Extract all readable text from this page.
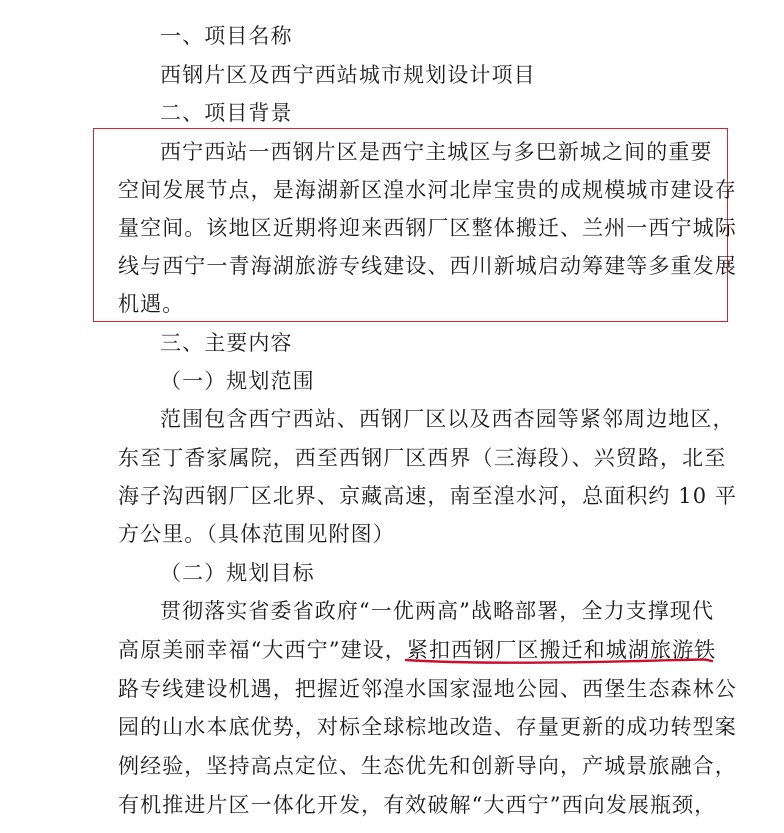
一、项目名称
西钢片区及西宁西站城市规划设计项目
二、项目背景
西宁西站一西钢片区是西宁主城区与多巴新城之间的重要
空间发展节点，是海湖新区湟水河北岸宝贵的成规模城市建设存
量空间。该地区近期将迎来西钢厂区整体搬迁、兰州一西宁城际
线与西宁一青海湖旅游专线建设、西川新城启动筹建等多重发展
机遇。
三、主要内容
（一）规划范围
范围包含西宁西站、西钢厂区以及西杏园等紧邻周边地区，
东至丁香家属院，西至西钢厂区西界（三海段）、兴贸路，北至
海子沟西钢厂区北界、京藏高速，南至湟水河，总面积约 10 平
方公里。（具体范围见附图）
（二）规划目标
贯彻落实省委省政府“一优两高”战略部署，全力支撑现代
高原美丽幸福“大西宁”建设，紧扣西钢厂区搬迁和城湖旅游铁
路专线建设机遇，把握近邻湟水国家湿地公园、西堡生态森林公
园的山水本底优势，对标全球棕地改造、存量更新的成功转型案
例经验，坚持高点定位、生态优先和创新导向，产城景旅融合，
有机推进片区一体化开发，有效破解“大西宁”西向发展瓶颈，
